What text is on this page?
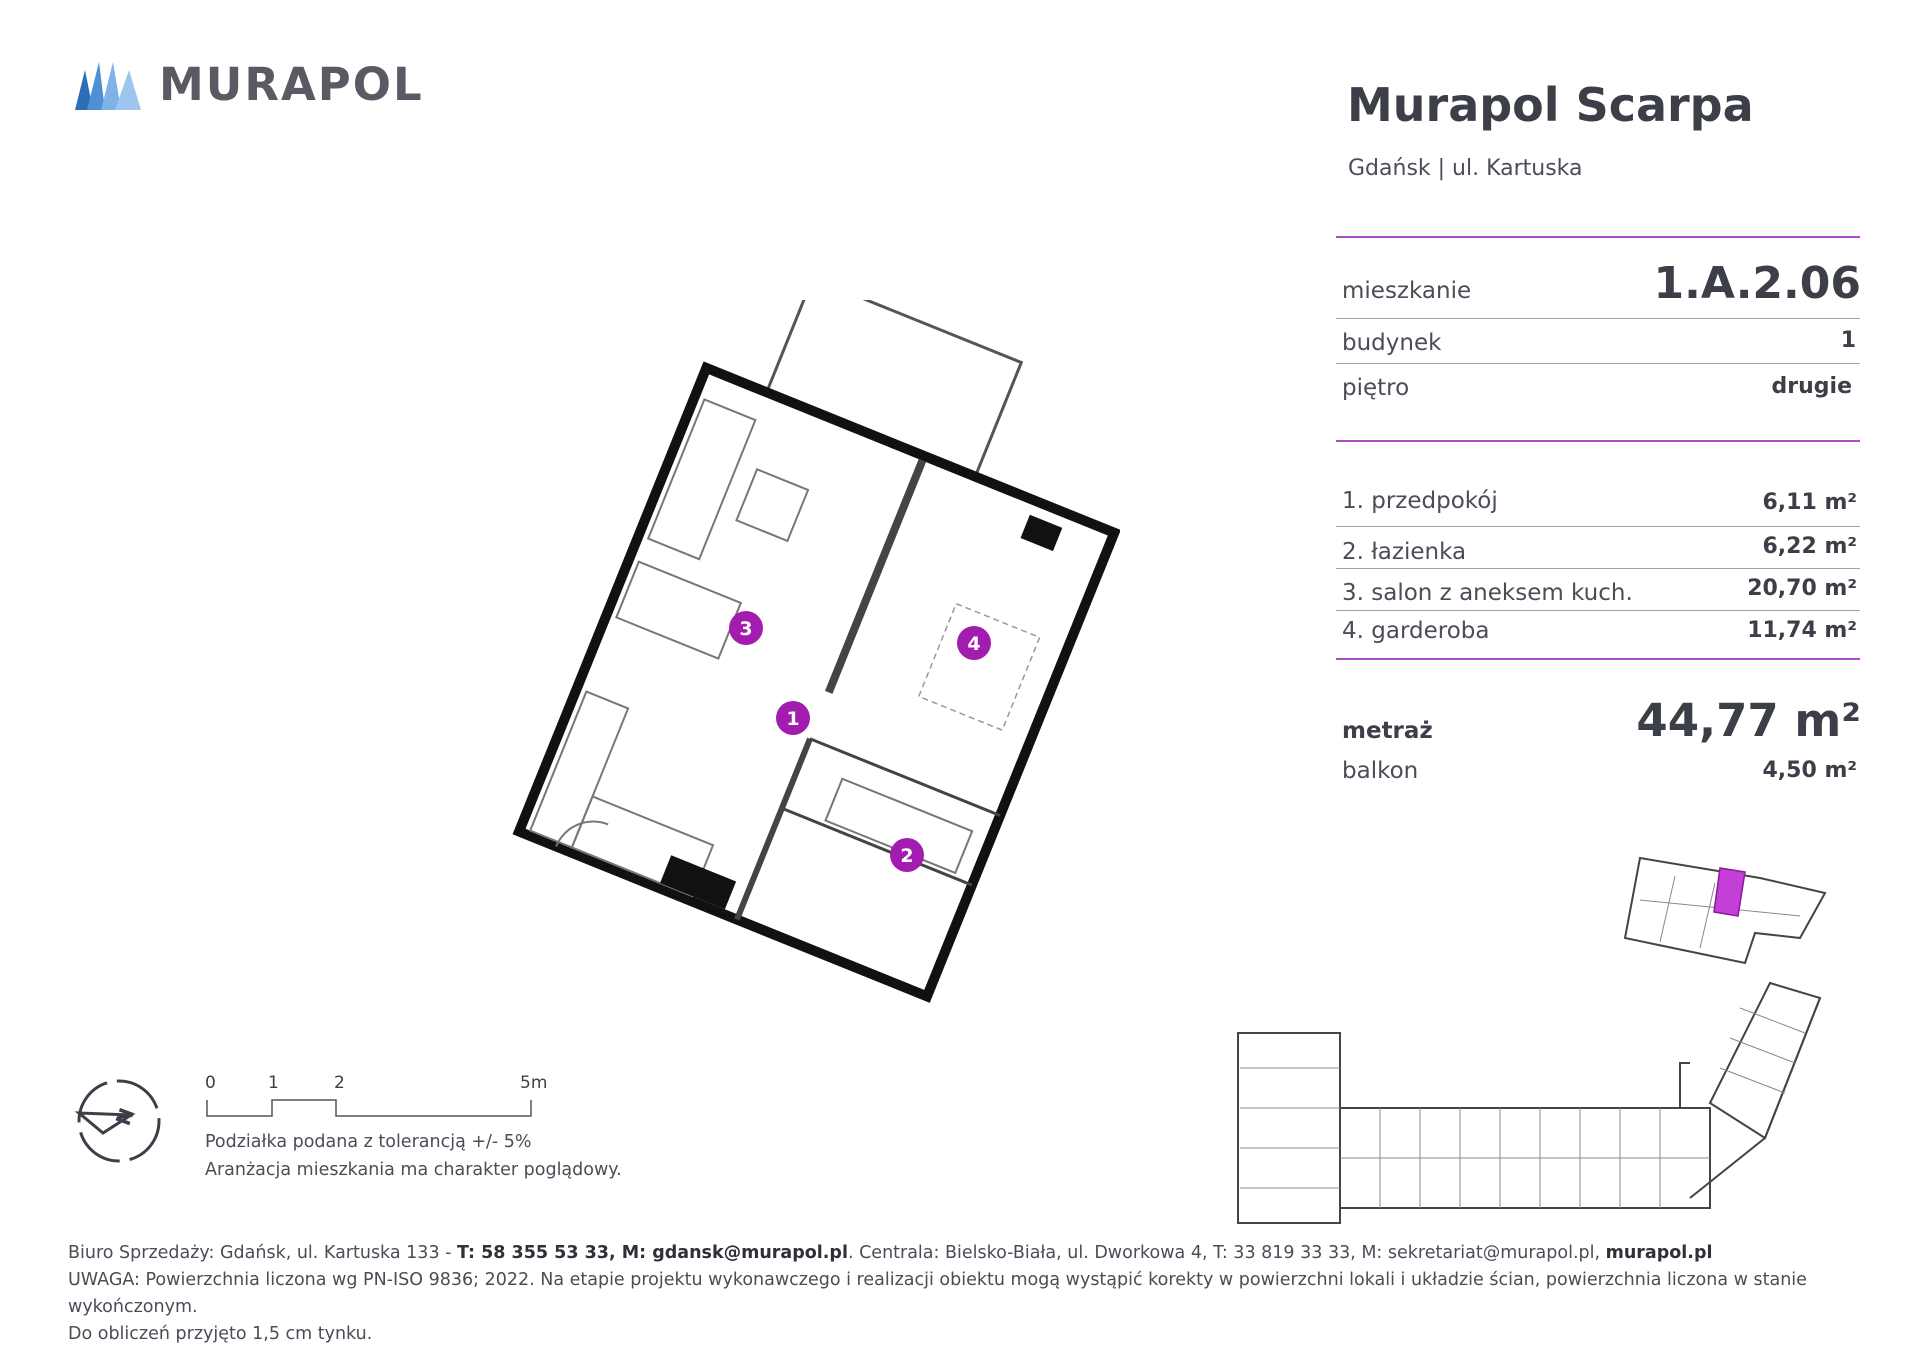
MURAPOL	Murapol Scarpa
Gdańsk | ul. Kartuska
mieszkanie	1.A.2.06
budynek	1
piętro	drugie
1. przedpokój	6,11 m²
2. łazienka	6,22 m²
3. salon z aneksem kuch.	20,70 m²
4. garderoba	11,74 m²
metraż	44,77 m²
balkon	4,50 m²
1
2
3
4
N
0	1	2	5m
Podziałka podana z tolerancją +/- 5%
Aranżacja mieszkania ma charakter poglądowy.
Biuro Sprzedaży: Gdańsk, ul. Kartuska 133 - T: 58 355 53 33, M: gdansk@murapol.pl. Centrala: Bielsko-Biała, ul. Dworkowa 4, T: 33 819 33 33, M: sekretariat@murapol.pl, murapol.pl
UWAGA: Powierzchnia liczona wg PN-ISO 9836; 2022. Na etapie projektu wykonawczego i realizacji obiektu mogą wystąpić korekty w powierzchni lokali i układzie ścian, powierzchnia liczona w stanie wykończonym.
Do obliczeń przyjęto 1,5 cm tynku.
